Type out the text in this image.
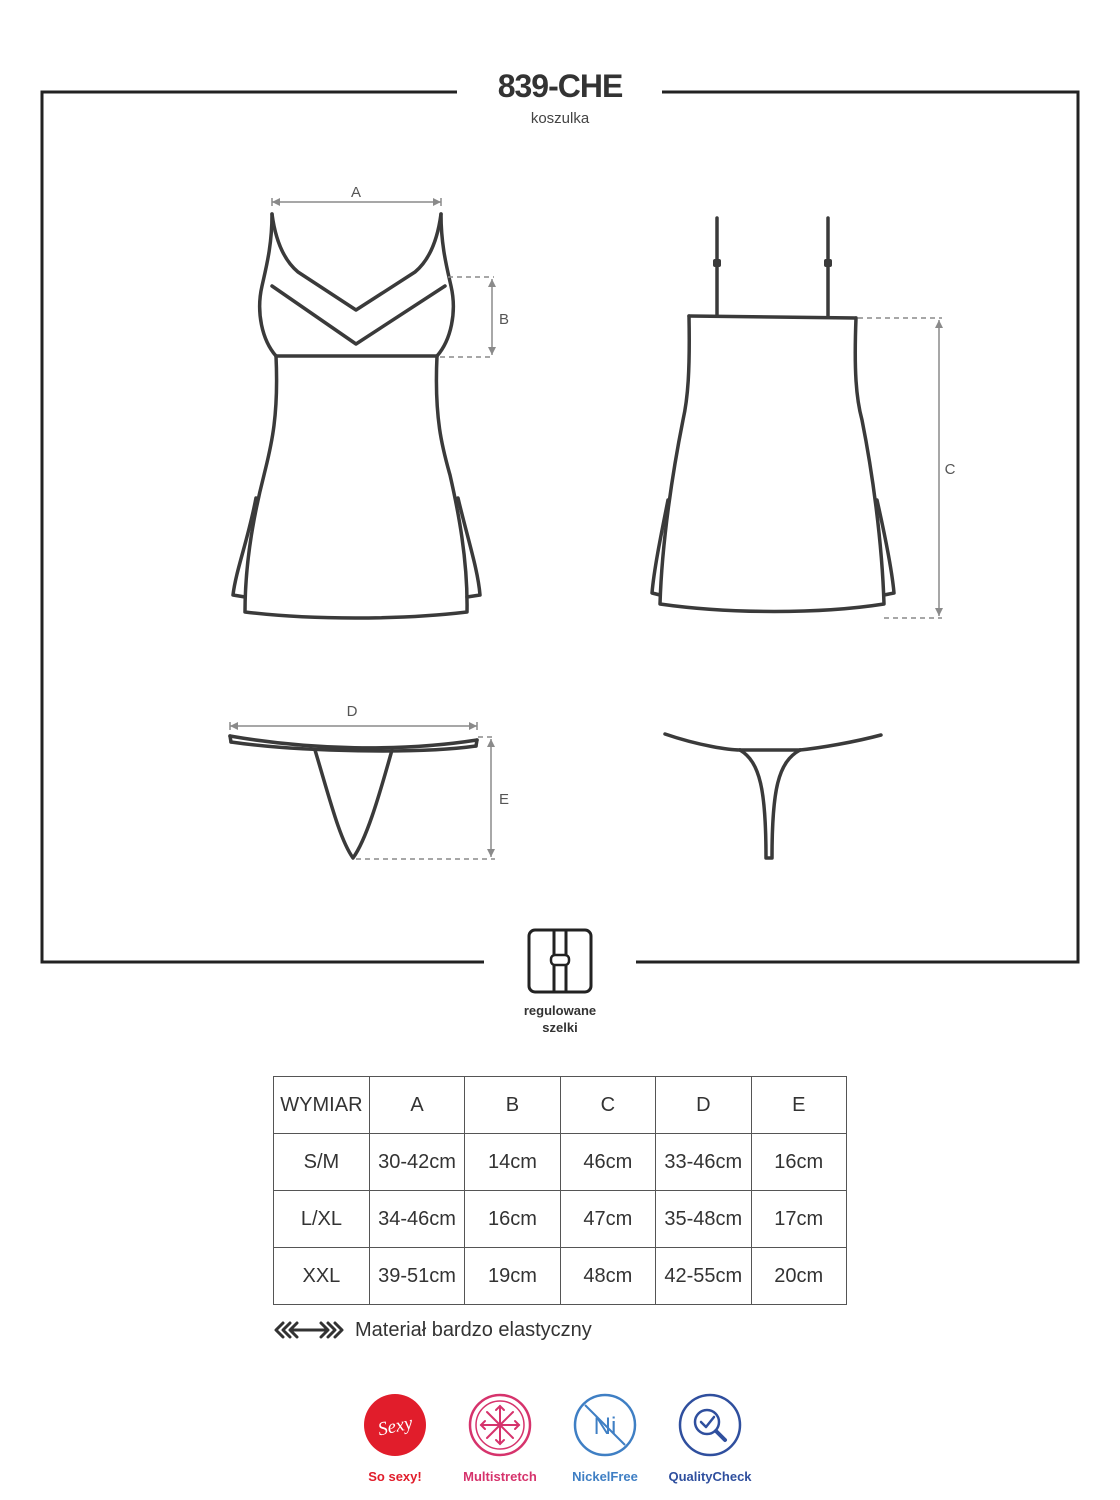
A
B
C
D
E
839-CHE
koszulka
regulowane
szelki
WYMIAR	A	B	C	D	E
S/M	30-42cm	14cm	46cm	33-46cm	16cm
L/XL	34-46cm	16cm	47cm	35-48cm	17cm
XXL	39-51cm	19cm	48cm	42-55cm	20cm
Materiał bardzo elastyczny
Sexy
So sexy!	Multistretch
Ni
NickelFree	QualityCheck
